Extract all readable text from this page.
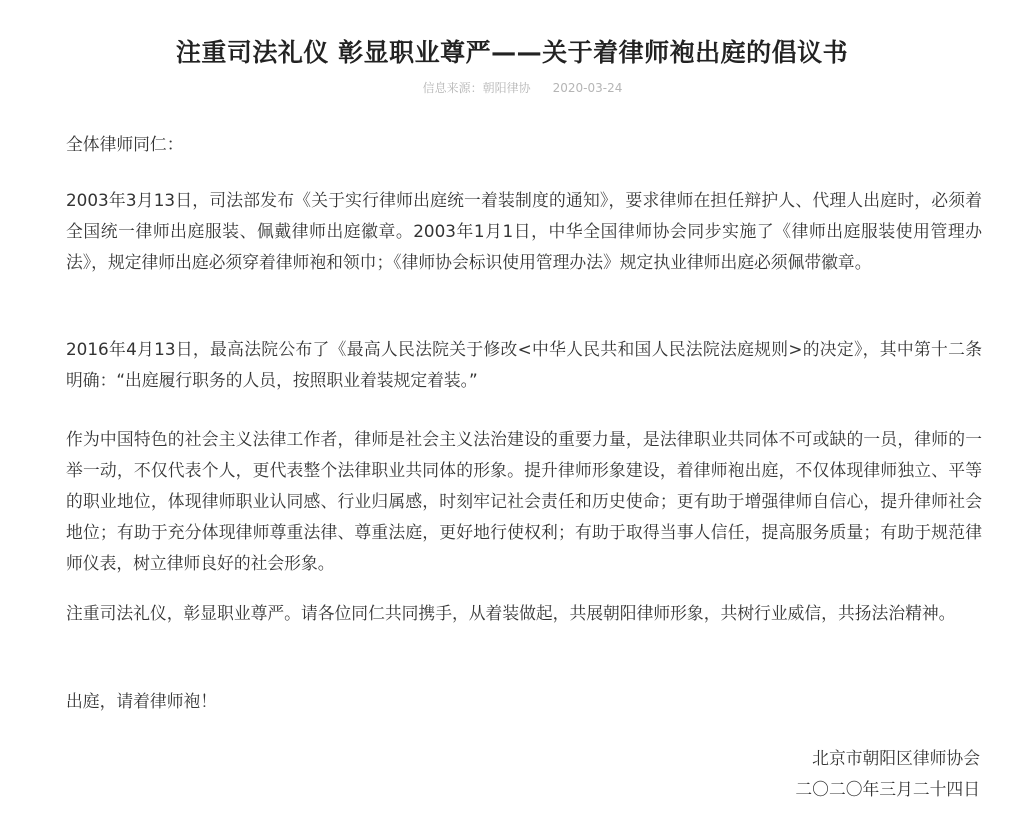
注重司法礼仪 彰显职业尊严——关于着律师袍出庭的倡议书
信息来源：朝阳律协 2020-03-24

全体律师同仁：

2003年3月13日，司法部发布《关于实行律师出庭统一着装制度的通知》，要求律师在担任辩护人、代理人出庭时，必须着全国统一律师出庭服装、佩戴律师出庭徽章。2003年1月1日，中华全国律师协会同步实施了《律师出庭服装使用管理办法》，规定律师出庭必须穿着律师袍和领巾；《律师协会标识使用管理办法》规定执业律师出庭必须佩带徽章。

2016年4月13日，最高法院公布了《最高人民法院关于修改<中华人民共和国人民法院法庭规则>的决定》，其中第十二条明确：“出庭履行职务的人员，按照职业着装规定着装。”

作为中国特色的社会主义法律工作者，律师是社会主义法治建设的重要力量，是法律职业共同体不可或缺的一员，律师的一举一动，不仅代表个人，更代表整个法律职业共同体的形象。提升律师形象建设，着律师袍出庭，不仅体现律师独立、平等的职业地位，体现律师职业认同感、行业归属感，时刻牢记社会责任和历史使命；更有助于增强律师自信心，提升律师社会地位；有助于充分体现律师尊重法律、尊重法庭，更好地行使权利；有助于取得当事人信任，提高服务质量；有助于规范律师仪表，树立律师良好的社会形象。

注重司法礼仪，彰显职业尊严。请各位同仁共同携手，从着装做起，共展朝阳律师形象，共树行业威信，共扬法治精神。

出庭，请着律师袍！

北京市朝阳区律师协会
二〇二〇年三月二十四日
